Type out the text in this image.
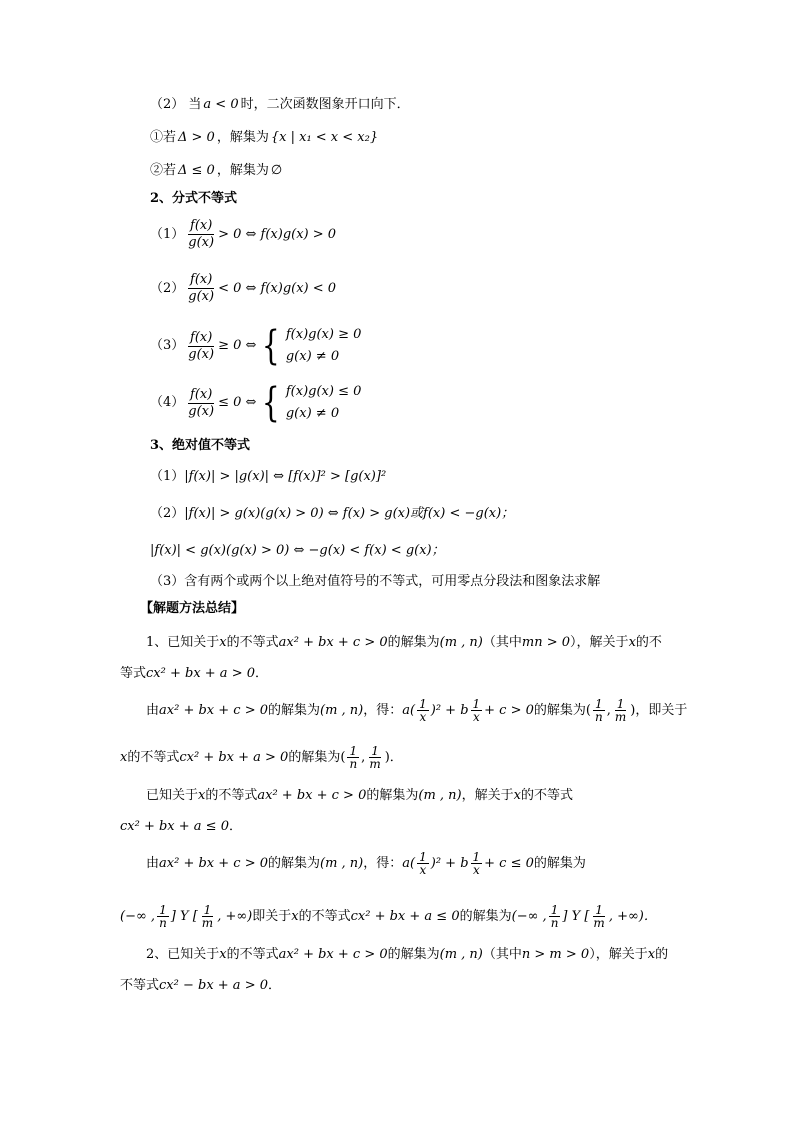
（2） 当 a < 0 时，二次函数图象开口向下．
①若 Δ > 0 ，解集为 {x | x₁ < x < x₂}
②若 Δ ≤ 0 ，解集为 ∅
2、分式不等式
$(1) \frac{f(x)}{g(x)} > 0$ ⇔ f(x)g(x) > 0
$(2) \frac{f(x)}{g(x)} < 0$ ⇔ f(x)g(x) < 0
$(3) \frac{f(x)}{g(x)} \ge 0$ ⇔ { f(x)g(x) ≥ 0
g(x) ≠ 0
$(4) \frac{f(x)}{g(x)} \le 0$ ⇔ { f(x)g(x) ≤ 0
g(x) ≠ 0
3、绝对值不等式
（1） |f(x)| > |g(x)| ⇔ [f(x)]² > [g(x)]²
（2） |f(x)| > g(x)(g(x) > 0) ⇔ f(x) > g(x)或f(x) < −g(x)；
|f(x)| < g(x)(g(x) > 0) ⇔ −g(x) < f(x) < g(x)；
（3）含有两个或两个以上绝对值符号的不等式，可用零点分段法和图象法求解
【解题方法总结】
1、已知关于 x 的不等式 ax² + bx + c > 0 的解集为 (m , n) （其中 mn > 0 ），解关于 x 的不
等式 cx² + bx + a > 0 ．
由 ax² + bx + c > 0 的解集为 (m , n) ，得： $a( \frac{1}{x} )^2 + b \frac{1}{x} + c > 0$ 的解集为 ( $\frac{1}{n}$ , $\frac{1}{m}$ ) ，即关于
x 的不等式 cx² + bx + a > 0 的解集为 ( $\frac{1}{n}$ , $\frac{1}{m}$ )．
已知关于 x 的不等式 ax² + bx + c > 0 的解集为 (m , n) ，解关于 x 的不等式
cx² + bx + a ≤ 0 ．
由 ax² + bx + c > 0 的解集为 (m , n) ，得： $a( \frac{1}{x} )^2 + b \frac{1}{x} + c \le 0$ 的解集为
(−∞ , $\frac{1}{n}$ ] Y [ $\frac{1}{m}$ , +∞) 即关于 x 的不等式 cx² + bx + a ≤ 0 的解集为 (−∞ , $\frac{1}{n}$ ] Y [ $\frac{1}{m}$ , +∞)．
2、已知关于 x 的不等式 ax² + bx + c > 0 的解集为 (m , n) （其中 n > m > 0 ），解关于 x 的
不等式 cx² − bx + a > 0 ．
